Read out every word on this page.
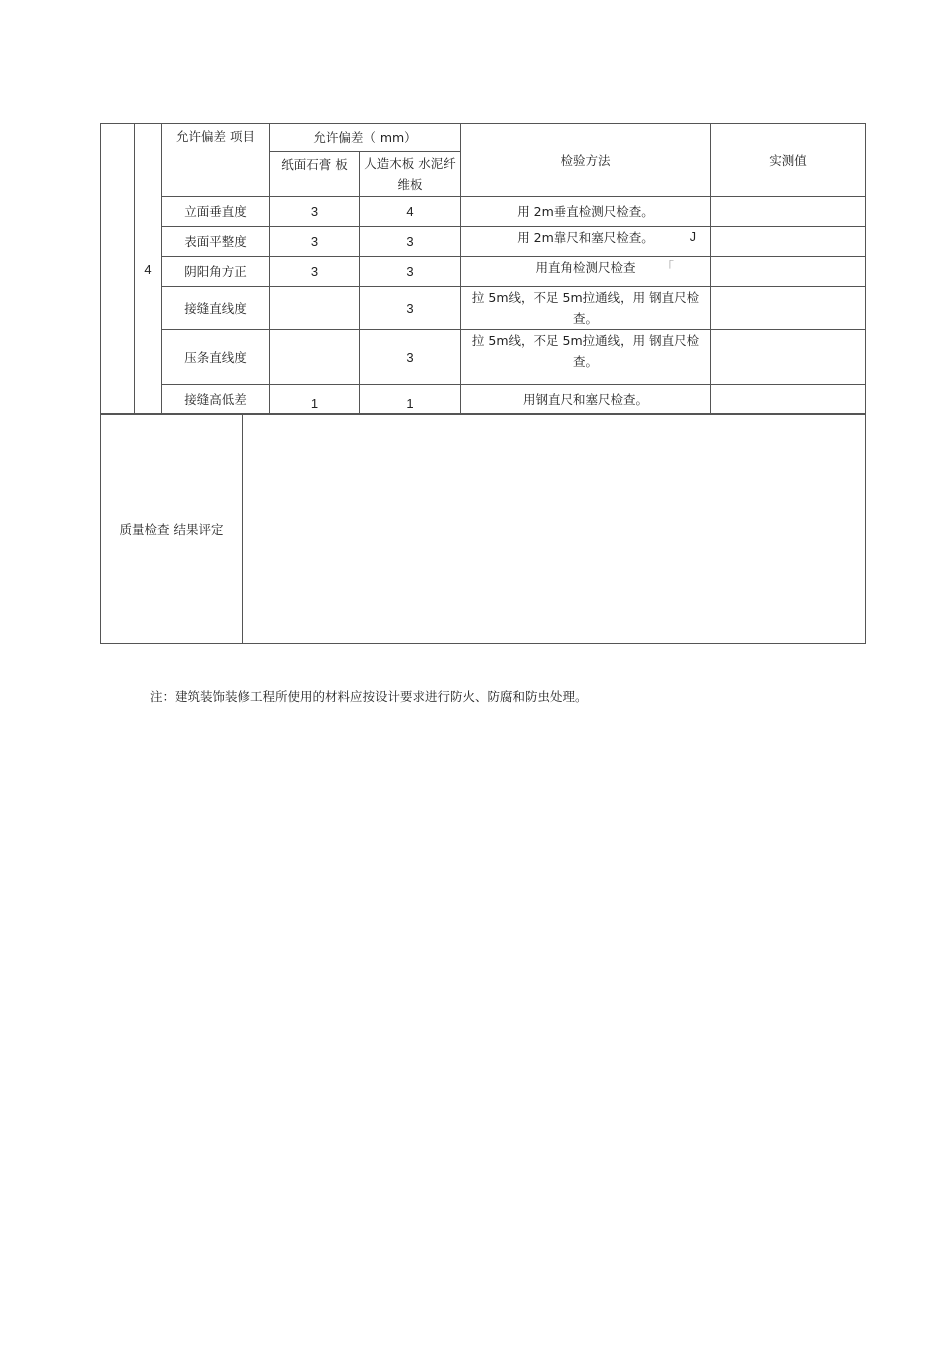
	4	允许偏差 项目	允许偏差（ mm）		检验方法	实测值
			纸面石膏 板	人造木板 水泥纤维板		
		立面垂直度	3	4	用 2m垂直检测尺检查。	
		表面平整度	3	3	用 2m靠尺和塞尺检查。 J	

		阴阳角方正	3	3	用直角检测尺检查 「	

		接缝直线度		3	拉 5m线，不足 5m拉通线，用 钢直尺检查。	
		压条直线度		3	拉 5m线，不足 5m拉通线，用 钢直尺检查。	
		接缝高低差	1	1	用钢直尺和塞尺检查。	
质量检查 结果评定	
注：建筑装饰装修工程所使用的材料应按设计要求进行防火、防腐和防虫处理。
